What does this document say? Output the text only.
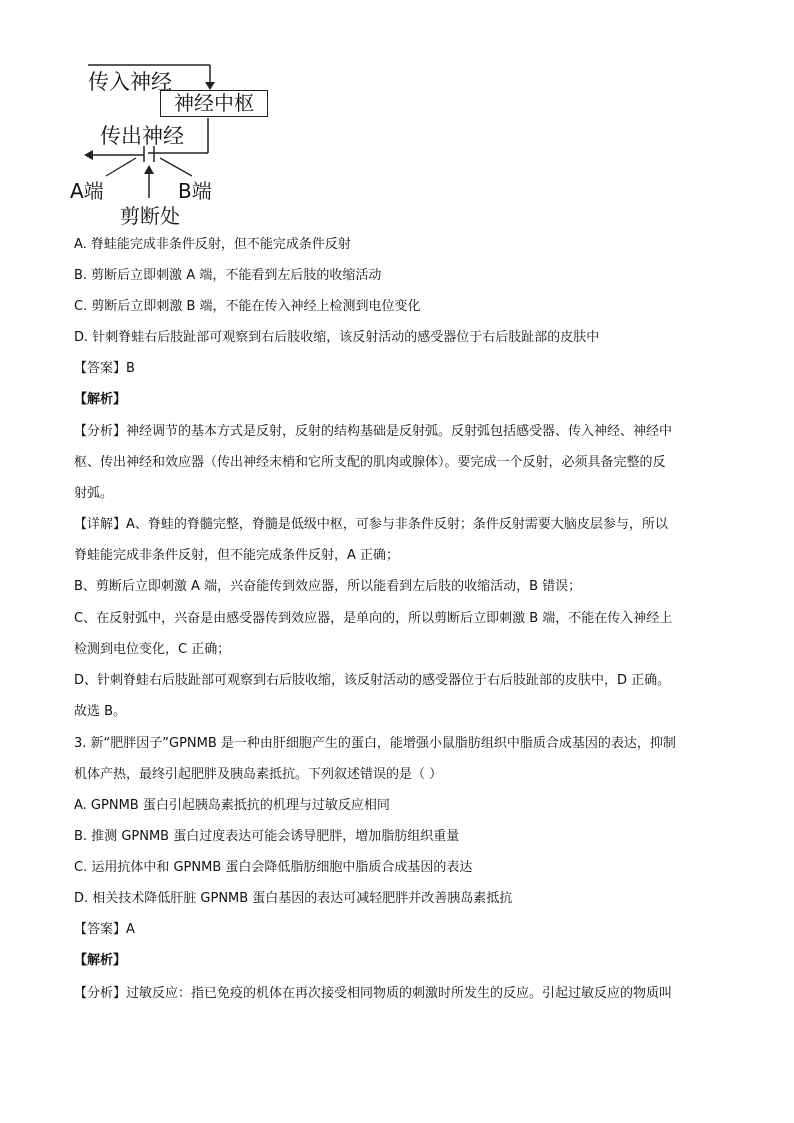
传入神经
神经中枢
传出神经
A端	B端
剪断处
A. 脊蛙能完成非条件反射，但不能完成条件反射
B. 剪断后立即刺激 A 端，不能看到左后肢的收缩活动
C. 剪断后立即刺激 B 端，不能在传入神经上检测到电位变化
D. 针刺脊蛙右后肢趾部可观察到右后肢收缩，该反射活动的感受器位于右后肢趾部的皮肤中
【答案】B
【解析】
【分析】神经调节的基本方式是反射，反射的结构基础是反射弧。反射弧包括感受器、传入神经、神经中
枢、传出神经和效应器（传出神经末梢和它所支配的肌肉或腺体）。要完成一个反射，必须具备完整的反
射弧。
【详解】A、脊蛙的脊髓完整，脊髓是低级中枢，可参与非条件反射；条件反射需要大脑皮层参与，所以
脊蛙能完成非条件反射，但不能完成条件反射，A 正确；
B、剪断后立即刺激 A 端，兴奋能传到效应器，所以能看到左后肢的收缩活动，B 错误；
C、在反射弧中，兴奋是由感受器传到效应器，是单向的，所以剪断后立即刺激 B 端，不能在传入神经上
检测到电位变化，C 正确；
D、针刺脊蛙右后肢趾部可观察到右后肢收缩，该反射活动的感受器位于右后肢趾部的皮肤中，D 正确。
故选 B。
3. 新“肥胖因子”GPNMB 是一种由肝细胞产生的蛋白，能增强小鼠脂肪组织中脂质合成基因的表达，抑制
机体产热，最终引起肥胖及胰岛素抵抗。下列叙述错误的是（ ）
A. GPNMB 蛋白引起胰岛素抵抗的机理与过敏反应相同
B. 推测 GPNMB 蛋白过度表达可能会诱导肥胖，增加脂肪组织重量
C. 运用抗体中和 GPNMB 蛋白会降低脂肪细胞中脂质合成基因的表达
D. 相关技术降低肝脏 GPNMB 蛋白基因的表达可减轻肥胖并改善胰岛素抵抗
【答案】A
【解析】
【分析】过敏反应：指已免疫的机体在再次接受相同物质的刺激时所发生的反应。引起过敏反应的物质叫
